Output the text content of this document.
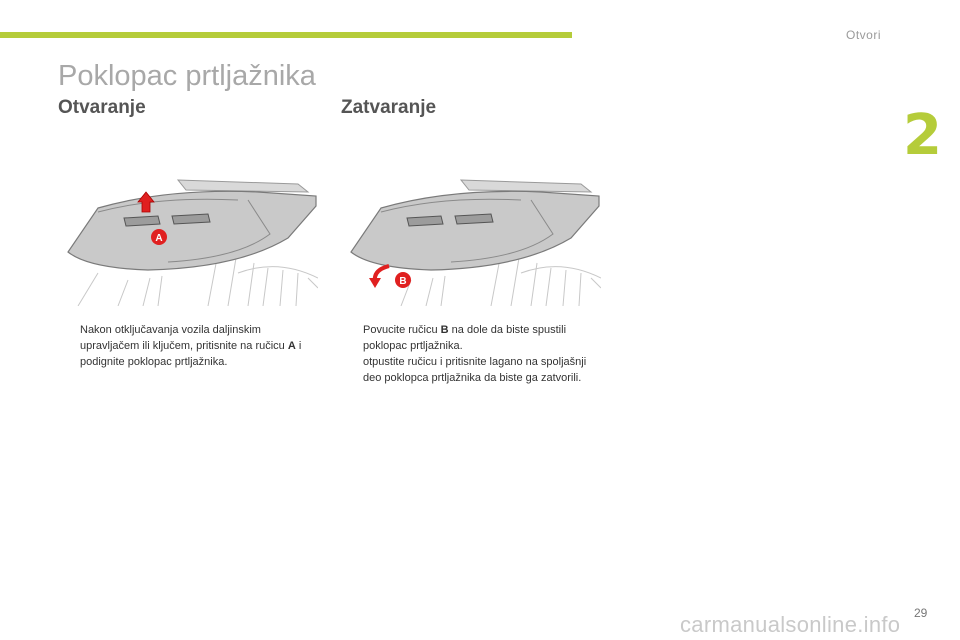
Otvori
2
Poklopac prtljažnika
Otvaranje	Zatvaranje
A
B
Nakon otključavanja vozila daljinskim upravljačem ili ključem, pritisnite na ručicu A i podignite poklopac prtljažnika.
Povucite ručicu B na dole da biste spustili poklopac prtljažnika.
otpustite ručicu i pritisnite lagano na spoljašnji deo poklopca prtljažnika da biste ga zatvorili.
29
carmanualsonline.info
